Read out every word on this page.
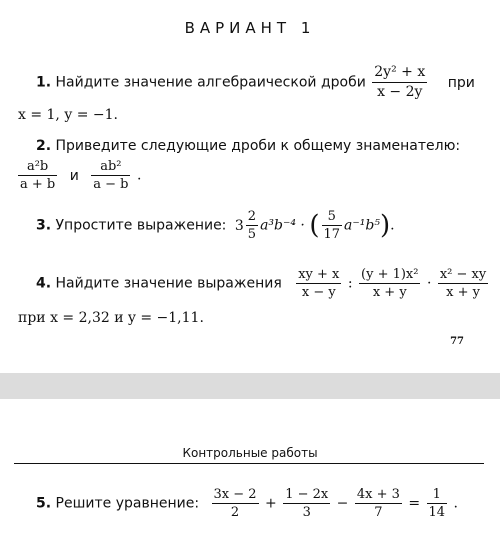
ВАРИАНТ 1
1. Найдите значение алгебраической дроби $\frac{\text{2y² + x}}{x - 2y}$ при
x = 1, y = −1.
2. Приведите следующие дроби к общему знаменателю:
$\frac{\text{a²b}}{a + b}$ и $\frac{\text{ab²}}{a - b}$ .
3. Упростите выражение: $3 \frac{2}{5} a^3b^{-4}$ · ( $\frac{5}{17} a^{-1}b^5$).
4. Найдите значение выражения $\frac{xy + x}{x - y}$ : $\frac{\text{(y + 1)x²}}{x + y} \cdot \frac{\text{x² − xy}}{x + y}$
при x = 2,32 и y = −1,11.
77
Контрольные работы
5. Решите уравнение: $\frac{3x - 2}{2} + \frac{1 - 2x}{3} - \frac{4x + 3}{7} = \frac{1}{14}$ .
